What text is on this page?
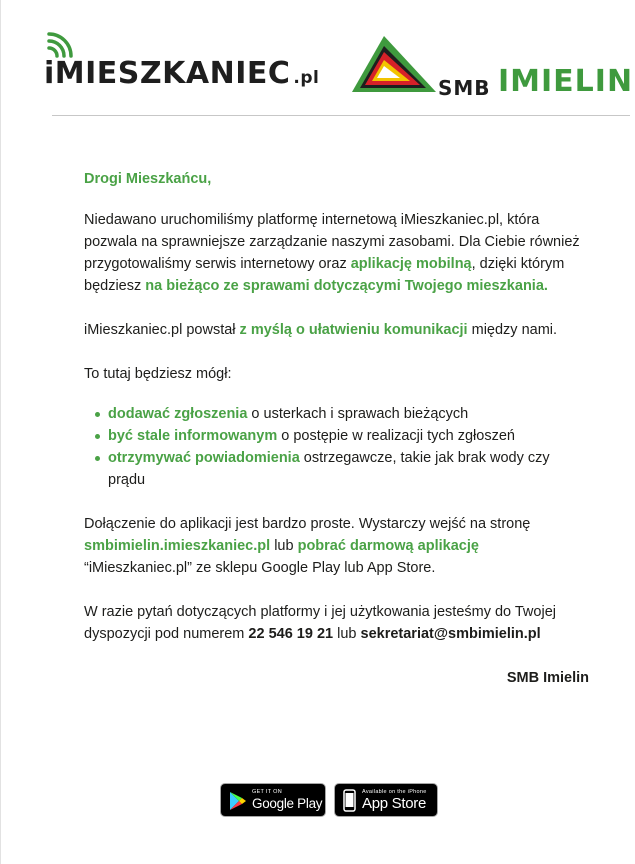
iMIESZKANIEC .pl	SMB IMIELIN

Drogi Mieszkańcu,

Niedawano uruchomiliśmy platformę internetową iMieszkaniec.pl, która pozwala na sprawniejsze zarządzanie naszymi zasobami. Dla Ciebie również przygotowaliśmy serwis internetowy oraz aplikację mobilną, dzięki którym będziesz na bieżąco ze sprawami dotyczącymi Twojego mieszkania.

iMieszkaniec.pl powstał z myślą o ułatwieniu komunikacji między nami.

To tutaj będziesz mógł:

dodawać zgłoszenia o usterkach i sprawach bieżących
być stale informowanym o postępie w realizacji tych zgłoszeń
otrzymywać powiadomienia ostrzegawcze, takie jak brak wody czy prądu

Dołączenie do aplikacji jest bardzo proste. Wystarczy wejść na stronę smbimielin.imieszkaniec.pl lub pobrać darmową aplikację “iMieszkaniec.pl” ze sklepu Google Play lub App Store.

W razie pytań dotyczących platformy i jej użytkowania jesteśmy do Twojej dyspozycji pod numerem 22 546 19 21 lub sekretariat@smbimielin.pl

SMB Imielin
GET IT ON
Google Play
Available on the iPhone
App Store
